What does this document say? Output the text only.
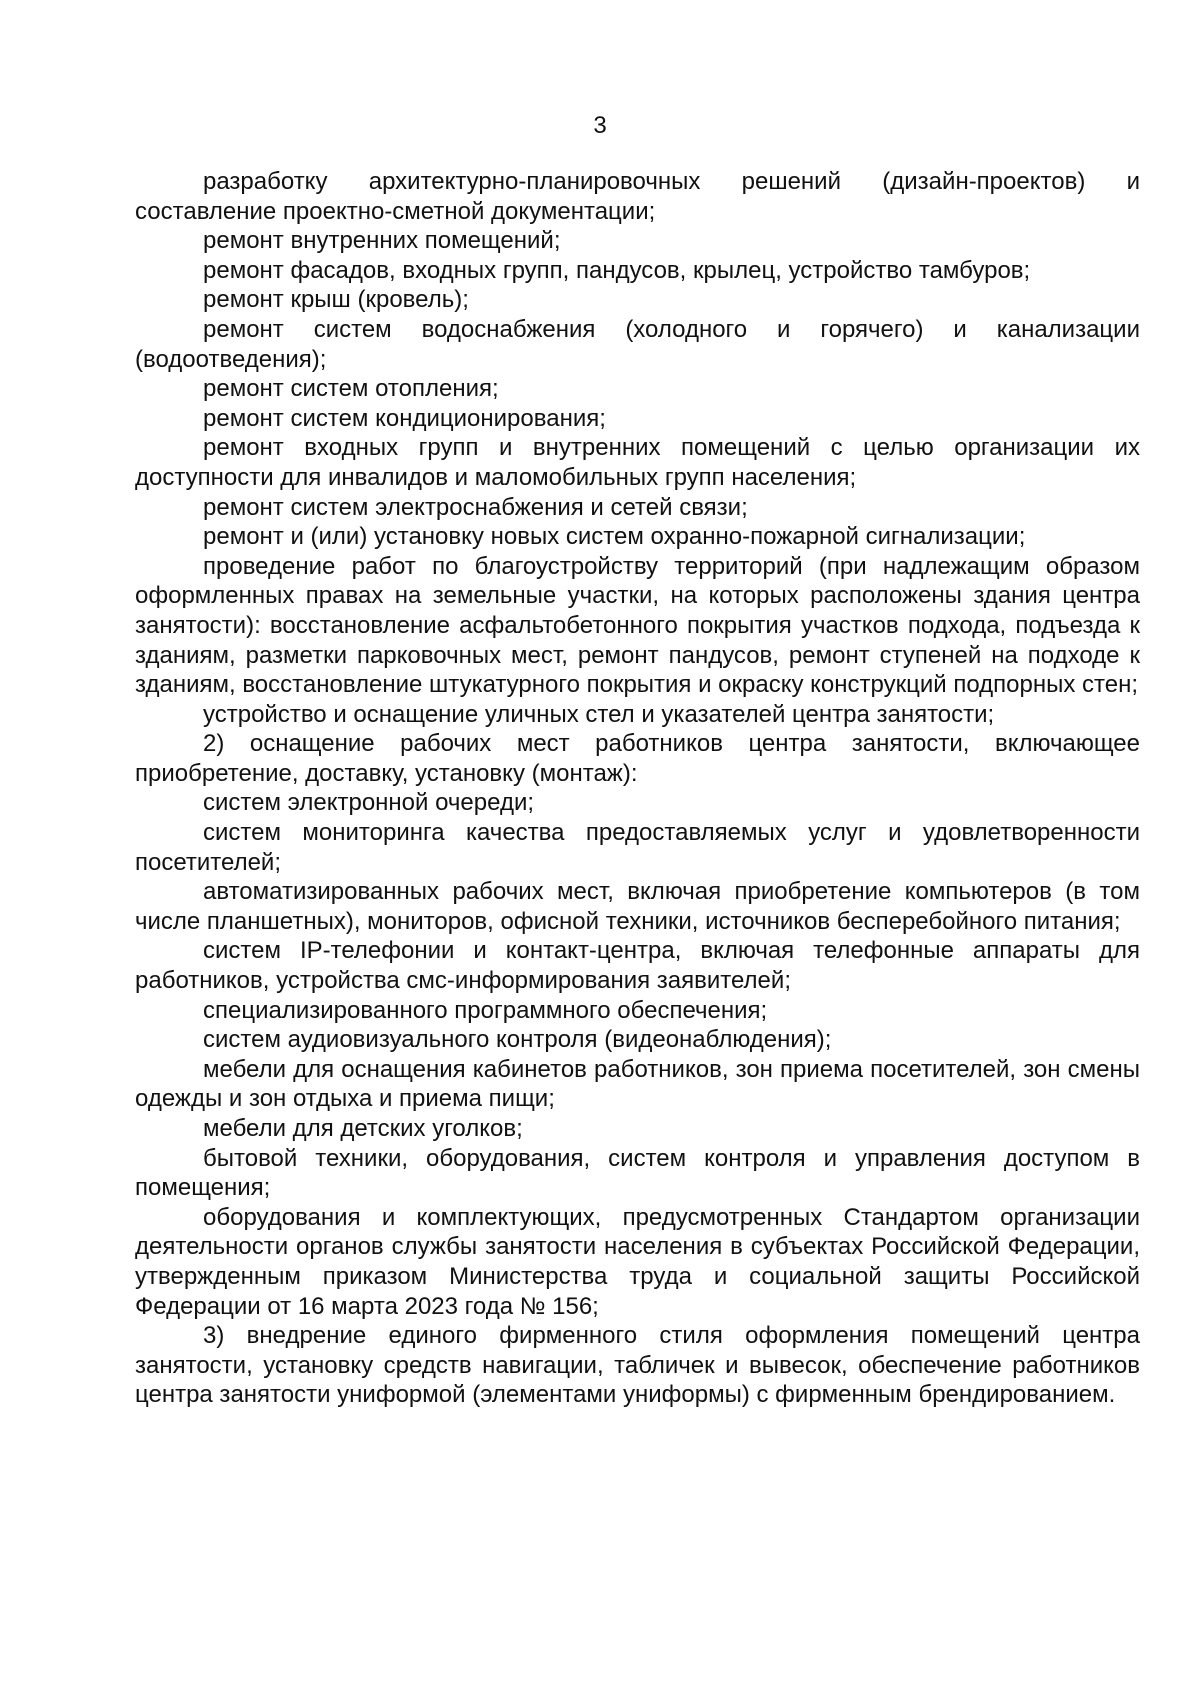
3

разработку архитектурно-планировочных решений (дизайн-проектов) и составление проектно-сметной документации;

ремонт внутренних помещений;

ремонт фасадов, входных групп, пандусов, крылец, устройство тамбуров;

ремонт крыш (кровель);

ремонт систем водоснабжения (холодного и горячего) и канализации (водоотведения);

ремонт систем отопления;

ремонт систем кондиционирования;

ремонт входных групп и внутренних помещений с целью организации их доступности для инвалидов и маломобильных групп населения;

ремонт систем электроснабжения и сетей связи;

ремонт и (или) установку новых систем охранно-пожарной сигнализации;

проведение работ по благоустройству территорий (при надлежащим образом оформленных правах на земельные участки, на которых расположены здания центра занятости): восстановление асфальтобетонного покрытия участков подхода, подъезда к зданиям, разметки парковочных мест, ремонт пандусов, ремонт ступеней на подходе к зданиям, восстановление штукатурного покрытия и окраску конструкций подпорных стен;

устройство и оснащение уличных стел и указателей центра занятости;

2) оснащение рабочих мест работников центра занятости, включающее приобретение, доставку, установку (монтаж):

систем электронной очереди;

систем мониторинга качества предоставляемых услуг и удовлетворенности посетителей;

автоматизированных рабочих мест, включая приобретение компьютеров (в том числе планшетных), мониторов, офисной техники, источников бесперебойного питания;

систем IP-телефонии и контакт-центра, включая телефонные аппараты для работников, устройства смс-информирования заявителей;

специализированного программного обеспечения;

систем аудиовизуального контроля (видеонаблюдения);

мебели для оснащения кабинетов работников, зон приема посетителей, зон смены одежды и зон отдыха и приема пищи;

мебели для детских уголков;

бытовой техники, оборудования, систем контроля и управления доступом в помещения;

оборудования и комплектующих, предусмотренных Стандартом организации деятельности органов службы занятости населения в субъектах Российской Федерации, утвержденным приказом Министерства труда и социальной защиты Российской Федерации от 16 марта 2023 года № 156;

3) внедрение единого фирменного стиля оформления помещений центра занятости, установку средств навигации, табличек и вывесок, обеспечение работников центра занятости униформой (элементами униформы) с фирменным брендированием.
